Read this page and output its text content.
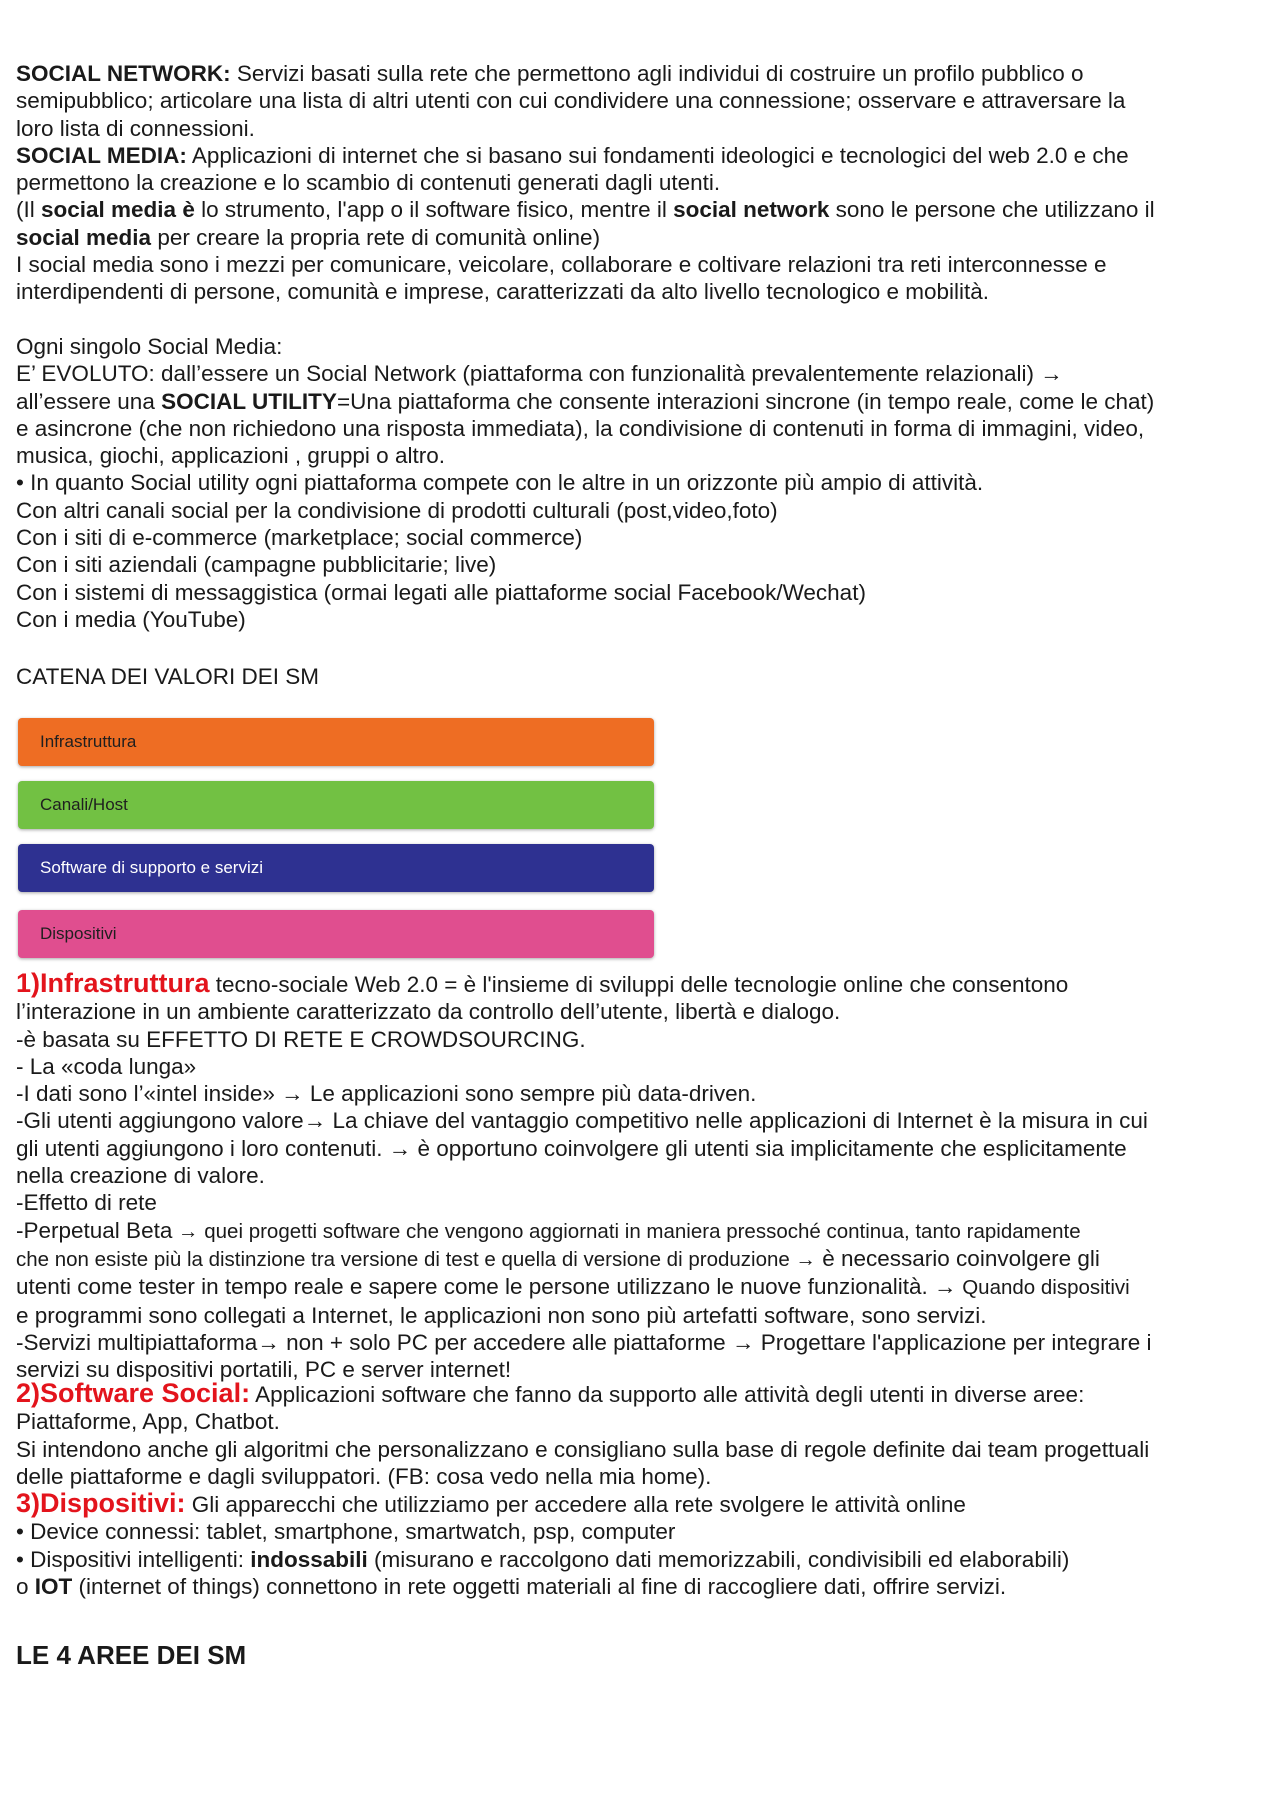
SOCIAL NETWORK: Servizi basati sulla rete che permettono agli individui di costruire un profilo pubblico o

semipubblico; articolare una lista di altri utenti con cui condividere una connessione; osservare e attraversare la

loro lista di connessioni.

SOCIAL MEDIA: Applicazioni di internet che si basano sui fondamenti ideologici e tecnologici del web 2.0 e che

permettono la creazione e lo scambio di contenuti generati dagli utenti.

(Il social media è lo strumento, l'app o il software fisico, mentre il social network sono le persone che utilizzano il

social media per creare la propria rete di comunità online)

I social media sono i mezzi per comunicare, veicolare, collaborare e coltivare relazioni tra reti interconnesse e

interdipendenti di persone, comunità e imprese, caratterizzati da alto livello tecnologico e mobilità.

Ogni singolo Social Media:

E’ EVOLUTO: dall’essere un Social Network (piattaforma con funzionalità prevalentemente relazionali) →

all’essere una SOCIAL UTILITY=Una piattaforma che consente interazioni sincrone (in tempo reale, come le chat)

e asincrone (che non richiedono una risposta immediata), la condivisione di contenuti in forma di immagini, video,

musica, giochi, applicazioni , gruppi o altro.

• In quanto Social utility ogni piattaforma compete con le altre in un orizzonte più ampio di attività.

Con altri canali social per la condivisione di prodotti culturali (post,video,foto)

Con i siti di e-commerce (marketplace; social commerce)

Con i siti aziendali (campagne pubblicitarie; live)

Con i sistemi di messaggistica (ormai legati alle piattaforme social Facebook/Wechat)

Con i media (YouTube)

CATENA DEI VALORI DEI SM
Infrastruttura
Canali/Host
Software di supporto e servizi
Dispositivi

1)Infrastruttura tecno-sociale Web 2.0 = è l'insieme di sviluppi delle tecnologie online che consentono

l’interazione in un ambiente caratterizzato da controllo dell’utente, libertà e dialogo.

-è basata su EFFETTO DI RETE E CROWDSOURCING.

- La «coda lunga»

-I dati sono l’«intel inside» → Le applicazioni sono sempre più data-driven.

-Gli utenti aggiungono valore→ La chiave del vantaggio competitivo nelle applicazioni di Internet è la misura in cui

gli utenti aggiungono i loro contenuti. → è opportuno coinvolgere gli utenti sia implicitamente che esplicitamente

nella creazione di valore.

-Effetto di rete

-Perpetual Beta → quei progetti software che vengono aggiornati in maniera pressoché continua, tanto rapidamente

che non esiste più la distinzione tra versione di test e quella di versione di produzione → è necessario coinvolgere gli

utenti come tester in tempo reale e sapere come le persone utilizzano le nuove funzionalità. → Quando dispositivi

e programmi sono collegati a Internet, le applicazioni non sono più artefatti software, sono servizi.

-Servizi multipiattaforma→ non + solo PC per accedere alle piattaforme → Progettare l'applicazione per integrare i

servizi su dispositivi portatili, PC e server internet!

2)Software Social: Applicazioni software che fanno da supporto alle attività degli utenti in diverse aree:

Piattaforme, App, Chatbot.

Si intendono anche gli algoritmi che personalizzano e consigliano sulla base di regole definite dai team progettuali

delle piattaforme e dagli sviluppatori. (FB: cosa vedo nella mia home).

3)Dispositivi: Gli apparecchi che utilizziamo per accedere alla rete svolgere le attività online

• Device connessi: tablet, smartphone, smartwatch, psp, computer

• Dispositivi intelligenti: indossabili (misurano e raccolgono dati memorizzabili, condivisibili ed elaborabili)

o IOT (internet of things) connettono in rete oggetti materiali al fine di raccogliere dati, offrire servizi.

LE 4 AREE DEI SM
